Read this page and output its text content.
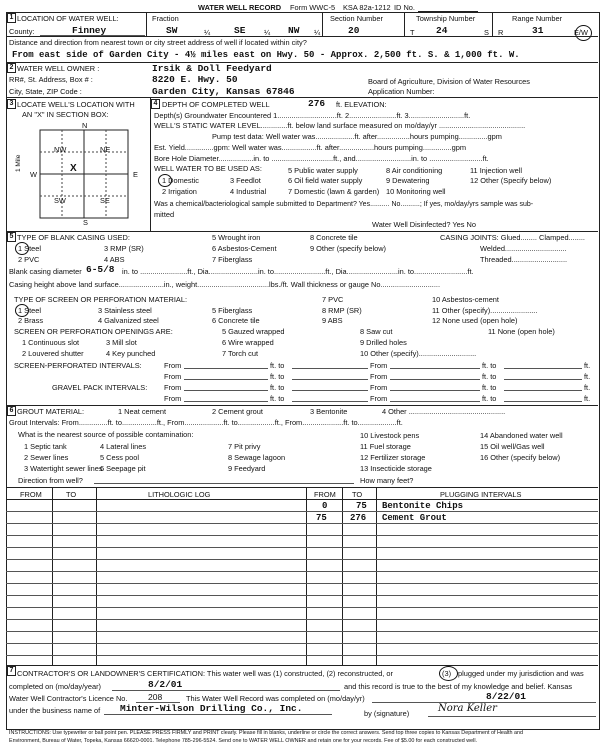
WATER WELL RECORD Form WWC-5 KSA 82a-1212 ID No.
1 LOCATION OF WATER WELL:
County:	Finney
Fraction
SW	¼	SE	¼ NW ¼
Section Number
20
Township Number
T 24	S
Range Number
R	31	E/W
Distance and direction from nearest town or city street address of well if located within city?
From east side of Garden City - 4½ miles east on Hwy. 50 - Approx. 2,500 ft. S. & 1,000 ft. W.
2 WATER WELL OWNER :	Irsik & Doll Feedyard
RR#, St. Address, Box # :	8220 E. Hwy. 50	Board of Agriculture, Division of Water Resources
City, State, ZIP Code :	Garden City, Kansas 67846	Application Number:
3 LOCATE WELL'S LOCATION WITH
AN "X" IN SECTION BOX:
N
S
W	E
NW	NE
SW	SE
X
1 Mile
4 DEPTH OF COMPLETED WELL	276 ft. ELEVATION:
Depth(s) Groundwater Encountered 1.............................ft. 2.......................ft. 3...........................ft.
WELL'S STATIC WATER LEVEL.............ft. below land surface measured on mo/day/yr ..........................................
Pump test data: Well water was...................ft. after................hours pumping..............gpm
Est. Yield..............gpm: Well water was.................ft. after.................hours pumping..............gpm
Bore Hole Diameter.................in. to ..............................ft., and...........................in. to ..........................ft.
WELL WATER TO BE USED AS:
1 Domestic	3 Feedlot
5 Public water supply	8 Air conditioning	11 Injection well
2 Irrigation	4 Industrial	7 Domestic (lawn & garden) 10 Monitoring well
6 Oil field water supply	9 Dewatering	12 Other (Specify below)
Was a chemical/bacteriological sample submitted to Department? Yes.......... No..........; If yes, mo/day/yrs sample was sub-
mitted
Water Well Disinfected? Yes No
5 TYPE OF BLANK CASING USED:
1 Steel	3 RMP (SR)
5 Wrought iron	8 Concrete tile
2 PVC	4 ABS
6 Asbestos-Cement	9 Other (specify below)
7 Fiberglass
CASING JOINTS: Glued........ Clamped........
Welded..............................
Threaded...........................
Blank casing diameter 6-5/8 in. to .......................ft., Dia........................in. to.........................ft., Dia.........................in. to..........................ft.
Casing height above land surface......................in., weight...................................lbs./ft. Wall thickness or gauge No.............................
TYPE OF SCREEN OR PERFORATION MATERIAL:
1 Steel	3 Stainless steel	5 Fiberglass
7 PVC	10 Asbestos-cement
2 Brass	4 Galvanized steel	6 Concrete tile
8 RMP (SR)
9 ABS
11 Other (specify).......................
12 None used (open hole)
SCREEN OR PERFORATION OPENINGS ARE:	5 Gauzed wrapped	8 Saw cut	11 None (open hole)
1 Continuous slot	3 Mill slot	6 Wire wrapped	9 Drilled holes
2 Louvered shutter	4 Key punched	7 Torch cut	10 Other (specify)............................
SCREEN-PERFORATED INTERVALS:	From	ft. to	From	ft. to	ft.
From	ft. to	From	ft. to	ft.
GRAVEL PACK INTERVALS: From	ft. to	From	ft. to	ft.
From	ft. to	From	ft. to	ft.
6 GROUT MATERIAL:	1 Neat cement	2 Cement grout	3 Bentonite	4 Other ...............................................
Grout Intervals: From..............ft. to.................ft., From...................ft. to..................ft., From....................ft. to...................ft.
What is the nearest source of possible contamination:
1 Septic tank	4 Lateral lines	7 Pit privy
10 Livestock pens	14 Abandoned water well
2 Sewer lines	5 Cess pool	8 Sewage lagoon
11 Fuel storage	15 Oil well/Gas well
3 Watertight sewer lines
6 Seepage pit	9 Feedyard
12 Fertilizer storage	16 Other (specify below)
13 Insecticide storage
Direction from well?	How many feet?
FROM	TO	LITHOLOGIC LOG	FROM TO	PLUGGING INTERVALS
0	75 Bentonite Chips
75	276 Cement Grout
7 CONTRACTOR'S OR LANDOWNER'S CERTIFICATION: This water well was (1) constructed, (2) reconstructed, or	(3) plugged under my jurisdiction and was
completed on (mo/day/year)	8/2/01	and this record is true to the best of my knowledge and belief. Kansas
Water Well Contractor's Licence No. 208	This Water Well Record was completed on (mo/day/yr)	8/22/01
under the business name of Minter-Wilson Drilling Co., Inc.	by (signature)	Nora Keller
INSTRUCTIONS: Use typewriter or ball point pen. PLEASE PRESS FIRMLY and PRINT clearly. Please fill in blanks, underline or circle the correct answers. Send top three copies to Kansas Department of Health and
Environment, Bureau of Water, Topeka, Kansas 66620-0001. Telephone 785-296-5524. Send one to WATER WELL OWNER and retain one for your records. Fee of $5.00 for each constructed well.
